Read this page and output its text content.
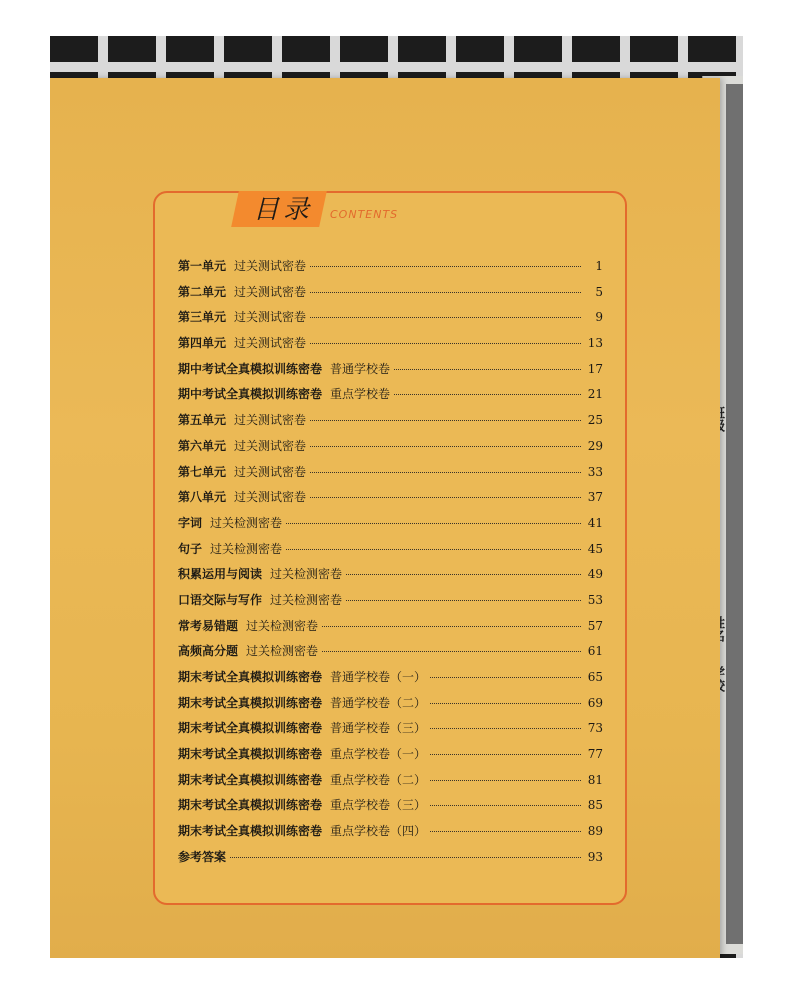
目录	CONTENTS
第一单元 过关测试密卷	1
第二单元 过关测试密卷	5
第三单元 过关测试密卷	9
第四单元 过关测试密卷	13
期中考试全真模拟训练密卷 普通学校卷	17
期中考试全真模拟训练密卷 重点学校卷	21
第五单元 过关测试密卷	25
第六单元 过关测试密卷	29
第七单元 过关测试密卷	33
第八单元 过关测试密卷	37
字词 过关检测密卷	41
句子 过关检测密卷	45
积累运用与阅读 过关检测密卷	49
口语交际与写作 过关检测密卷	53
常考易错题 过关检测密卷	57
高频高分题 过关检测密卷	61
期末考试全真模拟训练密卷 普通学校卷（一）	65
期末考试全真模拟训练密卷 普通学校卷（二）	69
期末考试全真模拟训练密卷 普通学校卷（三）	73
期末考试全真模拟训练密卷 重点学校卷（一）	77
期末考试全真模拟训练密卷 重点学校卷（二）	81
期末考试全真模拟训练密卷 重点学校卷（三）	85
期末考试全真模拟训练密卷 重点学校卷（四）	89
参考答案	93
